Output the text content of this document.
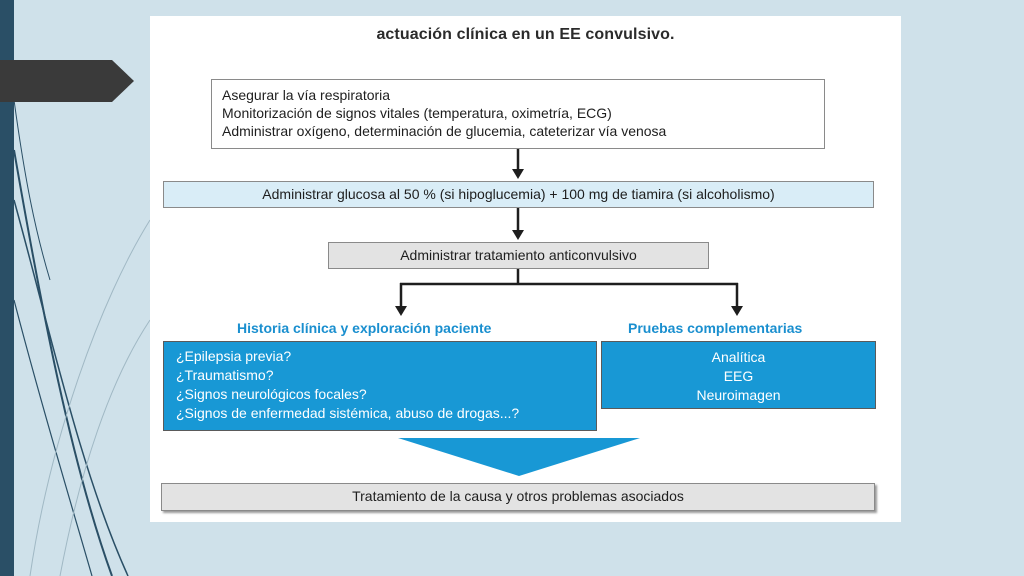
actuación clínica en un EE convulsivo.
Asegurar la vía respiratoria
Monitorización de signos vitales (temperatura, oximetría, ECG)
Administrar oxígeno, determinación de glucemia, cateterizar vía venosa
Administrar glucosa al 50 % (si hipoglucemia) + 100 mg de tiamira (si alcoholismo)
Administrar tratamiento anticonvulsivo
Historia clínica y exploración paciente	Pruebas complementarias
¿Epilepsia previa?
¿Traumatismo?
¿Signos neurológicos focales?
¿Signos de enfermedad sistémica, abuso de drogas...?
Analítica
EEG
Neuroimagen
Tratamiento de la causa y otros problemas asociados
